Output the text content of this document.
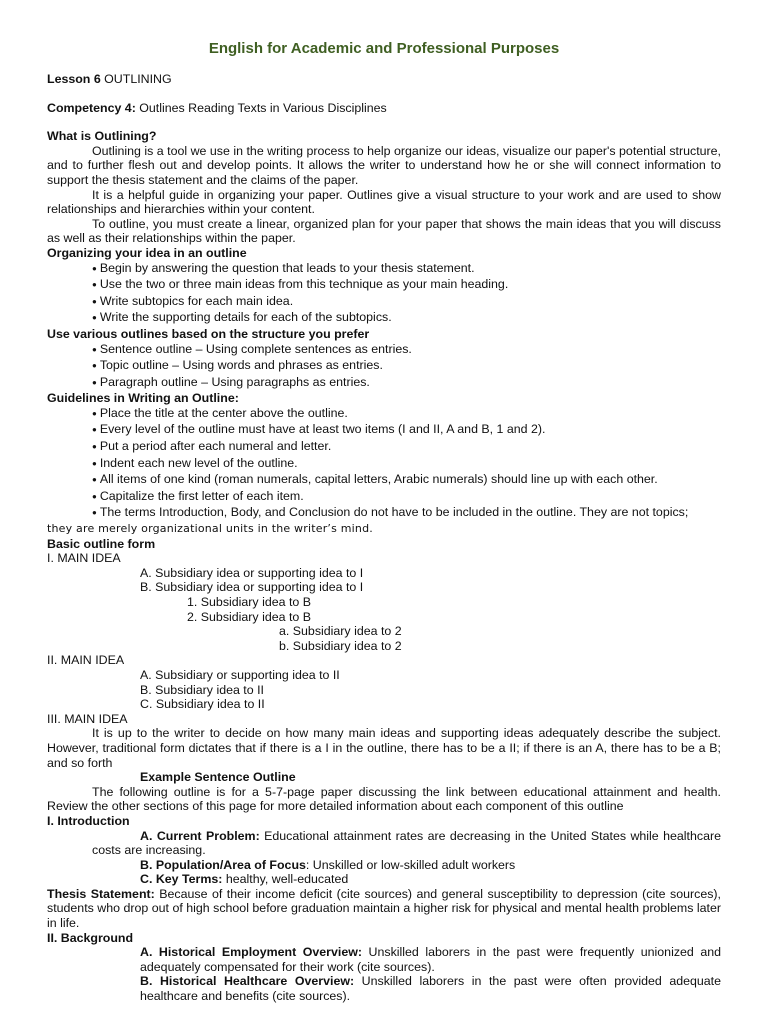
English for Academic and Professional Purposes
Lesson 6 OUTLINING
Competency 4: Outlines Reading Texts in Various Disciplines
What is Outlining?

Outlining is a tool we use in the writing process to help organize our ideas, visualize our paper's potential structure, and to further flesh out and develop points. It allows the writer to understand how he or she will connect information to support the thesis statement and the claims of the paper.

It is a helpful guide in organizing your paper. Outlines give a visual structure to your work and are used to show relationships and hierarchies within your content.

To outline, you must create a linear, organized plan for your paper that shows the main ideas that you will discuss as well as their relationships within the paper.

Organizing your idea in an outline
● Begin by answering the question that leads to your thesis statement.
● Use the two or three main ideas from this technique as your main heading.
● Write subtopics for each main idea.
● Write the supporting details for each of the subtopics.
Use various outlines based on the structure you prefer
● Sentence outline – Using complete sentences as entries.
● Topic outline – Using words and phrases as entries.
● Paragraph outline – Using paragraphs as entries.
Guidelines in Writing an Outline:
● Place the title at the center above the outline.
● Every level of the outline must have at least two items (I and II, A and B, 1 and 2).
● Put a period after each numeral and letter.
● Indent each new level of the outline.
● All items of one kind (roman numerals, capital letters, Arabic numerals) should line up with each other.
● Capitalize the first letter of each item.
● The terms Introduction, Body, and Conclusion do not have to be included in the outline. They are not topics;
they are merely organizational units in the writer’s mind.
Basic outline form
I. MAIN IDEA
A. Subsidiary idea or supporting idea to I
B. Subsidiary idea or supporting idea to I
1. Subsidiary idea to B
2. Subsidiary idea to B
a. Subsidiary idea to 2
b. Subsidiary idea to 2
II. MAIN IDEA
A. Subsidiary or supporting idea to II
B. Subsidiary idea to II
C. Subsidiary idea to II
III. MAIN IDEA

It is up to the writer to decide on how many main ideas and supporting ideas adequately describe the subject. However, traditional form dictates that if there is a I in the outline, there has to be a II; if there is an A, there has to be a B; and so forth

Example Sentence Outline

The following outline is for a 5-7-page paper discussing the link between educational attainment and health. Review the other sections of this page for more detailed information about each component of this outline

I. Introduction

A. Current Problem: Educational attainment rates are decreasing in the United States while healthcare costs are increasing.

B. Population/Area of Focus: Unskilled or low-skilled adult workers
C. Key Terms: healthy, well-educated

Thesis Statement: Because of their income deficit (cite sources) and general susceptibility to depression (cite sources), students who drop out of high school before graduation maintain a higher risk for physical and mental health problems later in life.

II. Background

A. Historical Employment Overview: Unskilled laborers in the past were frequently unionized and adequately compensated for their work (cite sources).

B. Historical Healthcare Overview: Unskilled laborers in the past were often provided adequate healthcare and benefits (cite sources).
